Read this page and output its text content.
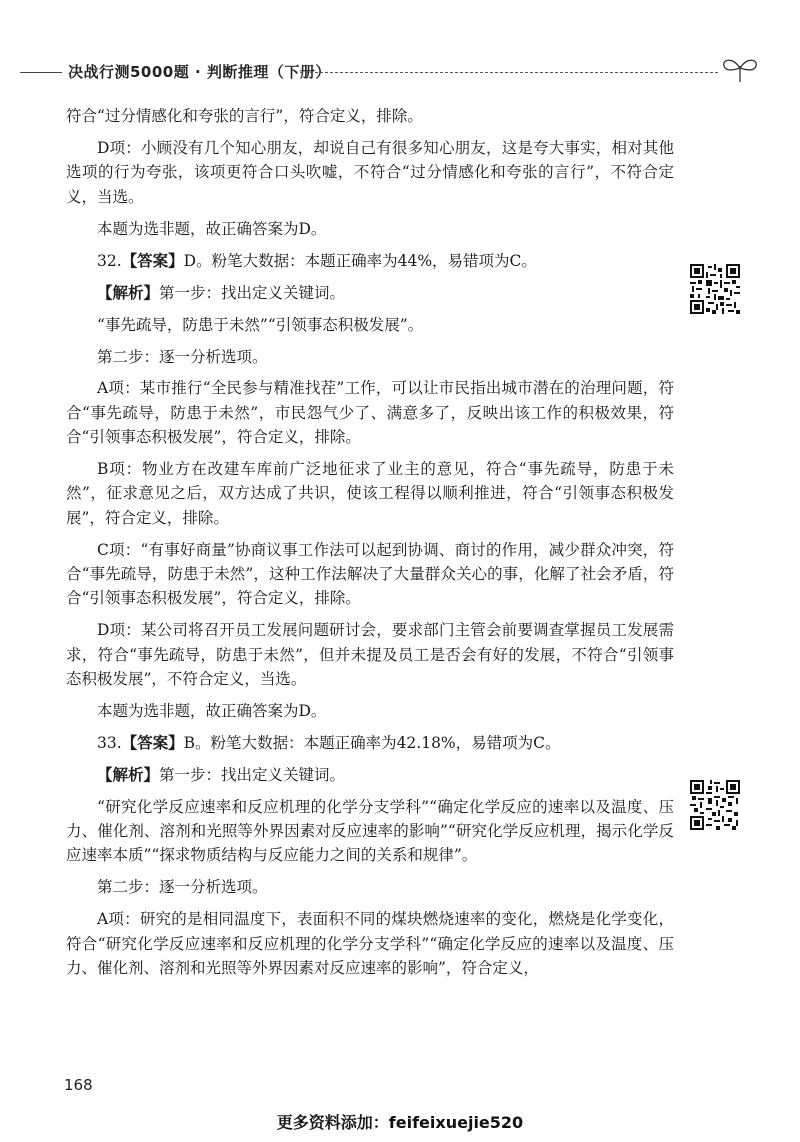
决战行测5000题 · 判断推理（下册）

符合“过分情感化和夸张的言行”，符合定义，排除。

D项：小顾没有几个知心朋友，却说自己有很多知心朋友，这是夸大事实，相对其他选项的行为夸张，该项更符合口头吹嘘，不符合“过分情感化和夸张的言行”，不符合定义，当选。

本题为选非题，故正确答案为D。

32.【答案】D。粉笔大数据：本题正确率为44%，易错项为C。

【解析】第一步：找出定义关键词。

“事先疏导，防患于未然”“引领事态积极发展”。

第二步：逐一分析选项。

A项：某市推行“全民参与精准找茬”工作，可以让市民指出城市潜在的治理问题，符合“事先疏导，防患于未然”，市民怨气少了、满意多了，反映出该工作的积极效果，符合“引领事态积极发展”，符合定义，排除。

B项：物业方在改建车库前广泛地征求了业主的意见，符合“事先疏导，防患于未然”，征求意见之后，双方达成了共识，使该工程得以顺利推进，符合“引领事态积极发展”，符合定义，排除。

C项：“有事好商量”协商议事工作法可以起到协调、商讨的作用，减少群众冲突，符合“事先疏导，防患于未然”，这种工作法解决了大量群众关心的事，化解了社会矛盾，符合“引领事态积极发展”，符合定义，排除。

D项：某公司将召开员工发展问题研讨会，要求部门主管会前要调查掌握员工发展需求，符合“事先疏导，防患于未然”，但并未提及员工是否会有好的发展，不符合“引领事态积极发展”，不符合定义，当选。

本题为选非题，故正确答案为D。

33.【答案】B。粉笔大数据：本题正确率为42.18%，易错项为C。

【解析】第一步：找出定义关键词。

“研究化学反应速率和反应机理的化学分支学科”“确定化学反应的速率以及温度、压力、催化剂、溶剂和光照等外界因素对反应速率的影响”“研究化学反应机理，揭示化学反应速率本质”“探求物质结构与反应能力之间的关系和规律”。

第二步：逐一分析选项。

A项：研究的是相同温度下，表面积不同的煤块燃烧速率的变化，燃烧是化学变化，符合“研究化学反应速率和反应机理的化学分支学科”“确定化学反应的速率以及温度、压力、催化剂、溶剂和光照等外界因素对反应速率的影响”，符合定义，

168
更多资料添加：feifeixuejie520
